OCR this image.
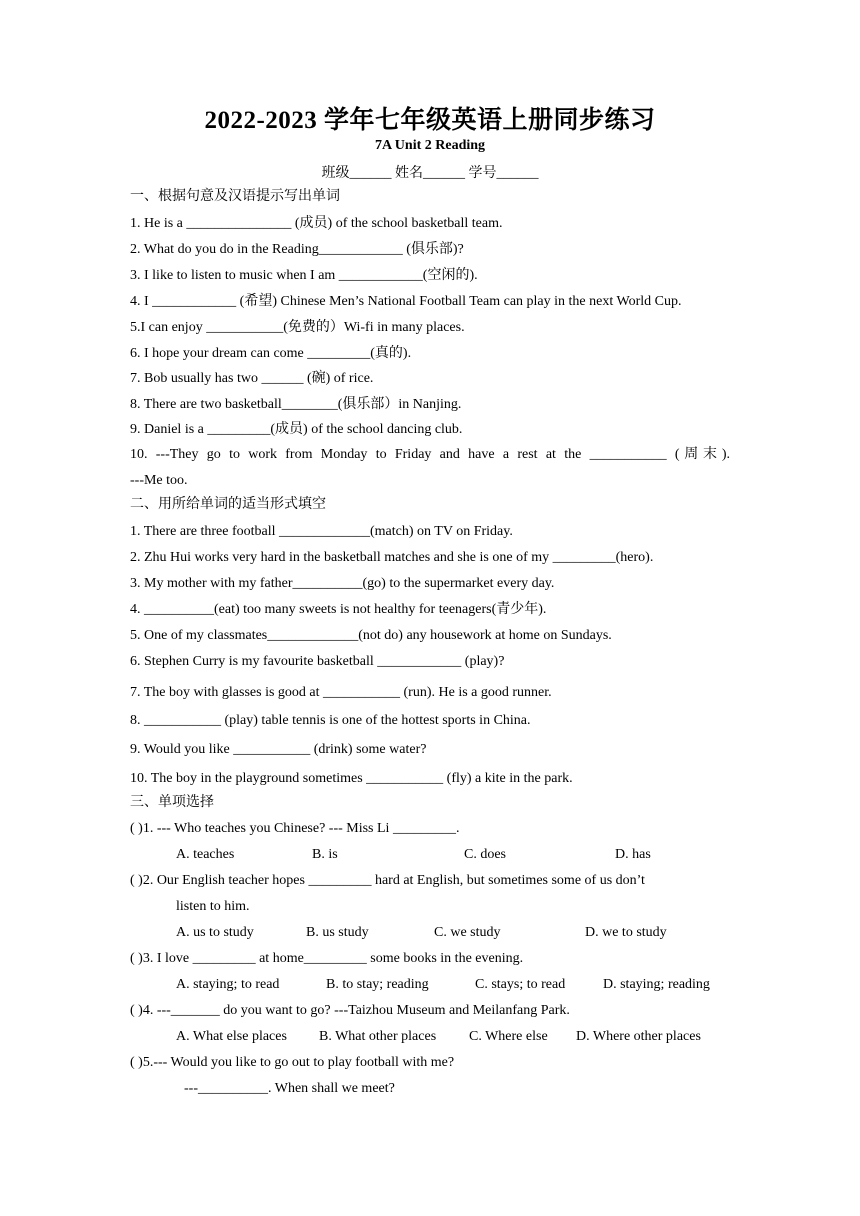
2022-2023 学年七年级英语上册同步练习
7A Unit 2 Reading
班级______ 姓名______ 学号______
一、根据句意及汉语提示写出单词
1. He is a _______________ (成员) of the school basketball team.
2. What do you do in the Reading____________ (俱乐部)?
3. I like to listen to music when I am ____________(空闲的).
4. I ____________ (希望) Chinese Men’s National Football Team can play in the next World Cup.
5.I can enjoy ___________(免费的）Wi-fi in many places.
6. I hope your dream can come _________(真的).
7. Bob usually has two ______ (碗) of rice.
8. There are two basketball________(俱乐部）in Nanjing.
9. Daniel is a _________(成员) of the school dancing club.
10. ---They go to work from Monday to Friday and have a rest at the ___________ (周末).
---Me too.
二、用所给单词的适当形式填空
1. There are three football _____________(match) on TV on Friday.
2. Zhu Hui works very hard in the basketball matches and she is one of my _________(hero).
3. My mother with my father__________(go) to the supermarket every day.
4. __________(eat) too many sweets is not healthy for teenagers(青少年).
5. One of my classmates_____________(not do) any housework at home on Sundays.
6. Stephen Curry is my favourite basketball ____________ (play)?
7. The boy with glasses is good at ___________ (run). He is a good runner.
8. ___________ (play) table tennis is one of the hottest sports in China.
9. Would you like ___________ (drink) some water?
10. The boy in the playground sometimes ___________ (fly) a kite in the park.
三、单项选择
( )1. --- Who teaches you Chinese? --- Miss Li _________.
A. teaches	B. is	C. does	D. has
( )2. Our English teacher hopes _________ hard at English, but sometimes some of us don’t
listen to him.
A. us to study	B. us study	C. we study	D. we to study
( )3. I love _________ at home_________ some books in the evening.
A. staying; to read	B. to stay; reading	C. stays; to read	D. staying; reading
( )4. ---_______ do you want to go? ---Taizhou Museum and Meilanfang Park.
A. What else places B. What other places C. Where else D. Where other places
( )5.--- Would you like to go out to play football with me?
---__________. When shall we meet?
